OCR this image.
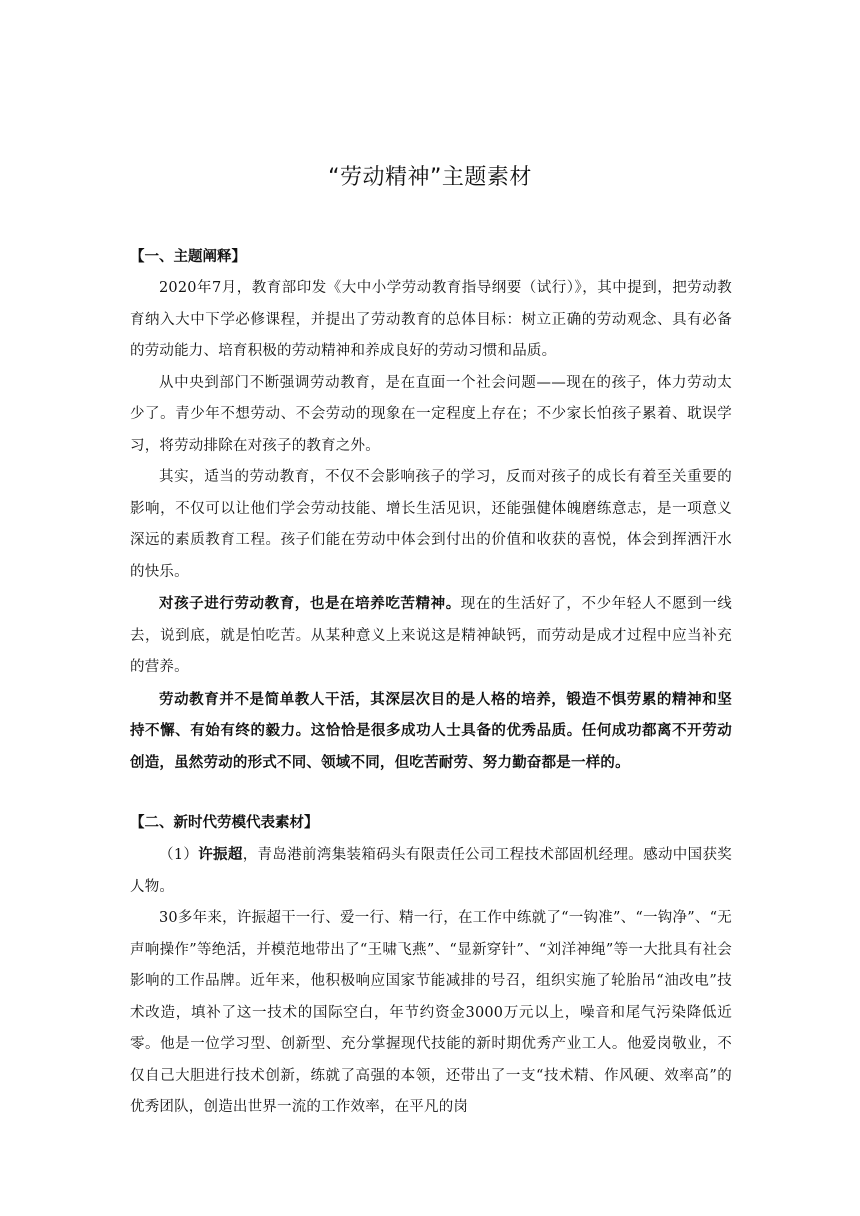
“劳动精神”主题素材

【一、主题阐释】

2020年7月，教育部印发《大中小学劳动教育指导纲要（试行）》，其中提到，把劳动教育纳入大中下学必修课程，并提出了劳动教育的总体目标：树立正确的劳动观念、具有必备的劳动能力、培育积极的劳动精神和养成良好的劳动习惯和品质。

从中央到部门不断强调劳动教育，是在直面一个社会问题——现在的孩子，体力劳动太少了。青少年不想劳动、不会劳动的现象在一定程度上存在；不少家长怕孩子累着、耽误学习，将劳动排除在对孩子的教育之外。

其实，适当的劳动教育，不仅不会影响孩子的学习，反而对孩子的成长有着至关重要的影响，不仅可以让他们学会劳动技能、增长生活见识，还能强健体魄磨练意志，是一项意义深远的素质教育工程。孩子们能在劳动中体会到付出的价值和收获的喜悦，体会到挥洒汗水的快乐。

对孩子进行劳动教育，也是在培养吃苦精神。现在的生活好了，不少年轻人不愿到一线去，说到底，就是怕吃苦。从某种意义上来说这是精神缺钙，而劳动是成才过程中应当补充的营养。

劳动教育并不是简单教人干活，其深层次目的是人格的培养，锻造不惧劳累的精神和坚持不懈、有始有终的毅力。这恰恰是很多成功人士具备的优秀品质。任何成功都离不开劳动创造，虽然劳动的形式不同、领域不同，但吃苦耐劳、努力勤奋都是一样的。

【二、新时代劳模代表素材】

（1）许振超，青岛港前湾集装箱码头有限责任公司工程技术部固机经理。感动中国获奖人物。

30多年来，许振超干一行、爱一行、精一行，在工作中练就了“一钩准”、“一钩净”、“无声响操作”等绝活，并模范地带出了“王啸飞燕”、“显新穿针”、“刘洋神绳”等一大批具有社会影响的工作品牌。近年来，他积极响应国家节能减排的号召，组织实施了轮胎吊“油改电”技术改造，填补了这一技术的国际空白，年节约资金3000万元以上，噪音和尾气污染降低近零。他是一位学习型、创新型、充分掌握现代技能的新时期优秀产业工人。他爱岗敬业，不仅自己大胆进行技术创新，练就了高强的本领，还带出了一支“技术精、作风硬、效率高”的优秀团队，创造出世界一流的工作效率，在平凡的岗
